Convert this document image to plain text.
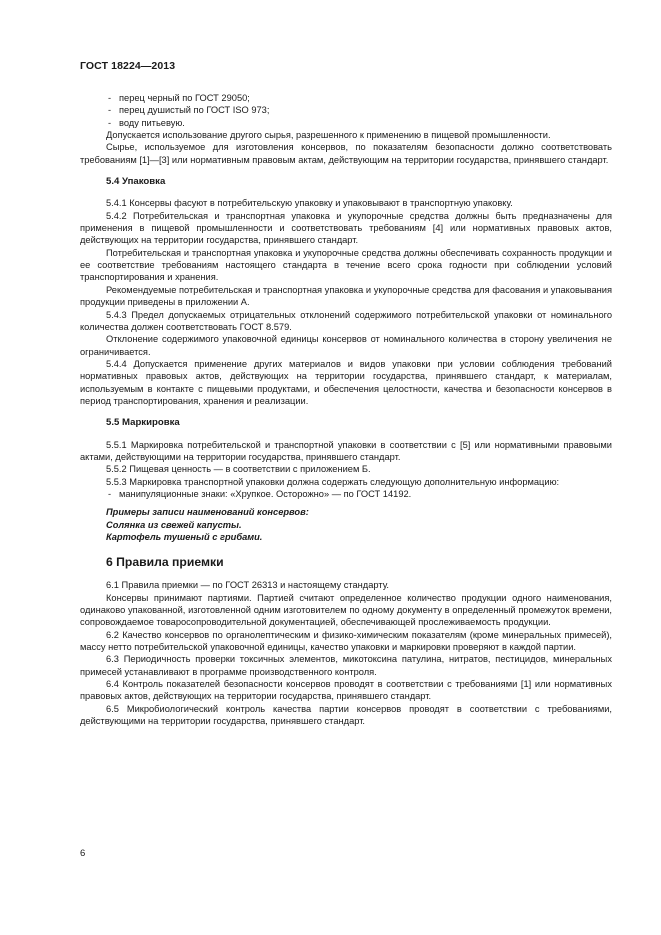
ГОСТ 18224—2013

- перец черный по ГОСТ 29050;

- перец душистый по ГОСТ ISO 973;

- воду питьевую.

Допускается использование другого сырья, разрешенного к применению в пищевой промышленности.

Сырье, используемое для изготовления консервов, по показателям безопасности должно соответствовать требованиям [1]—[3] или нормативным правовым актам, действующим на территории государства, принявшего стандарт.

5.4 Упаковка

5.4.1 Консервы фасуют в потребительскую упаковку и упаковывают в транспортную упаковку.

5.4.2 Потребительская и транспортная упаковка и укупорочные средства должны быть предназначены для применения в пищевой промышленности и соответствовать требованиям [4] или нормативных правовых актов, действующих на территории государства, принявшего стандарт.

Потребительская и транспортная упаковка и укупорочные средства должны обеспечивать сохранность продукции и ее соответствие требованиям настоящего стандарта в течение всего срока годности при соблюдении условий транспортирования и хранения.

Рекомендуемые потребительская и транспортная упаковка и укупорочные средства для фасования и упаковывания продукции приведены в приложении А.

5.4.3 Предел допускаемых отрицательных отклонений содержимого потребительской упаковки от номинального количества должен соответствовать ГОСТ 8.579.

Отклонение содержимого упаковочной единицы консервов от номинального количества в сторону увеличения не ограничивается.

5.4.4 Допускается применение других материалов и видов упаковки при условии соблюдения требований нормативных правовых актов, действующих на территории государства, принявшего стандарт, к материалам, используемым в контакте с пищевыми продуктами, и обеспечения целостности, качества и безопасности консервов в период транспортирования, хранения и реализации.

5.5 Маркировка

5.5.1 Маркировка потребительской и транспортной упаковки в соответствии с [5] или нормативными правовыми актами, действующими на территории государства, принявшего стандарт.

5.5.2 Пищевая ценность — в соответствии с приложением Б.

5.5.3 Маркировка транспортной упаковки должна содержать следующую дополнительную информацию:

- манипуляционные знаки: «Хрупкое. Осторожно» — по ГОСТ 14192.

Примеры записи наименований консервов:

Солянка из свежей капусты.

Картофель тушеный с грибами.

6 Правила приемки

6.1 Правила приемки — по ГОСТ 26313 и настоящему стандарту.

Консервы принимают партиями. Партией считают определенное количество продукции одного наименования, одинаково упакованной, изготовленной одним изготовителем по одному документу в определенный промежуток времени, сопровождаемое товаросопроводительной документацией, обеспечивающей прослеживаемость продукции.

6.2 Качество консервов по органолептическим и физико-химическим показателям (кроме минеральных примесей), массу нетто потребительской упаковочной единицы, качество упаковки и маркировки проверяют в каждой партии.

6.3 Периодичность проверки токсичных элементов, микотоксина патулина, нитратов, пестицидов, минеральных примесей устанавливают в программе производственного контроля.

6.4 Контроль показателей безопасности консервов проводят в соответствии с требованиями [1] или нормативных правовых актов, действующих на территории государства, принявшего стандарт.

6.5 Микробиологический контроль качества партии консервов проводят в соответствии с требованиями, действующими на территории государства, принявшего стандарт.

6
